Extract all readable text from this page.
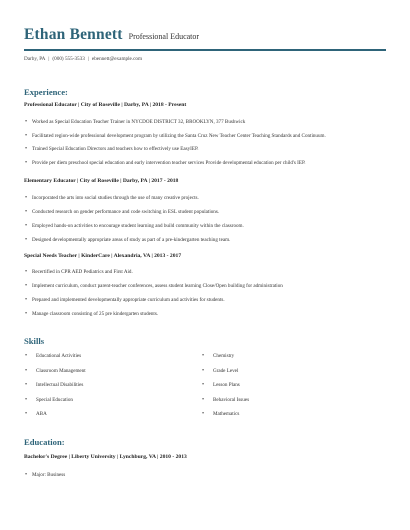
Ethan Bennett Professional Educator
Darby, PA | (000) 555-3533 | ebennett@example.com
Experience:
Professional Educator | City of Roseville | Darby, PA | 2018 - Present
• Worked as Special Education Teacher Trainer in NYCDOE DISTRICT 32, BROOKLYN, 377 Bushwick
• Facilitated region-wide professional development program by utilizing the Santa Cruz New Teacher Center Teaching Standards and Continuum.
• Trained Special Education Directors and teachers how to effectively use EasyIEP.
• Provide per diem preschool special education and early intervention teacher services Provide developmental education per child's IEP.
Elementary Educator | City of Roseville | Darby, PA | 2017 - 2018
• Incorporated the arts into social studies through the use of many creative projects.
• Conducted research on gender performance and code switching in ESL student populations.
• Employed hands-on activities to encourage student learning and build community within the classroom.
• Designed developmentally appropriate areas of study as part of a pre-kindergarten teaching team.
Special Needs Teacher | KinderCare | Alexandria, VA | 2013 - 2017
• Recertified in CPR AED Pediatrics and First Aid.
• Implement curriculum, conduct parent-teacher conferences, assess student learning Close/Open building for administration
• Prepared and implemented developmentally appropriate curriculum and activities for students.
• Manage classroom consisting of 25 pre kindergarten students.
Skills
• Educational Activities
• Classroom Management
• Intellectual Disabilities
• Special Education
• ABA
• Chemistry
• Grade Level
• Lesson Plans
• Behavioral Issues
• Mathematics
Education:
Bachelor's Degree | Liberty University | Lynchburg, VA | 2010 - 2013
• Major: Business
